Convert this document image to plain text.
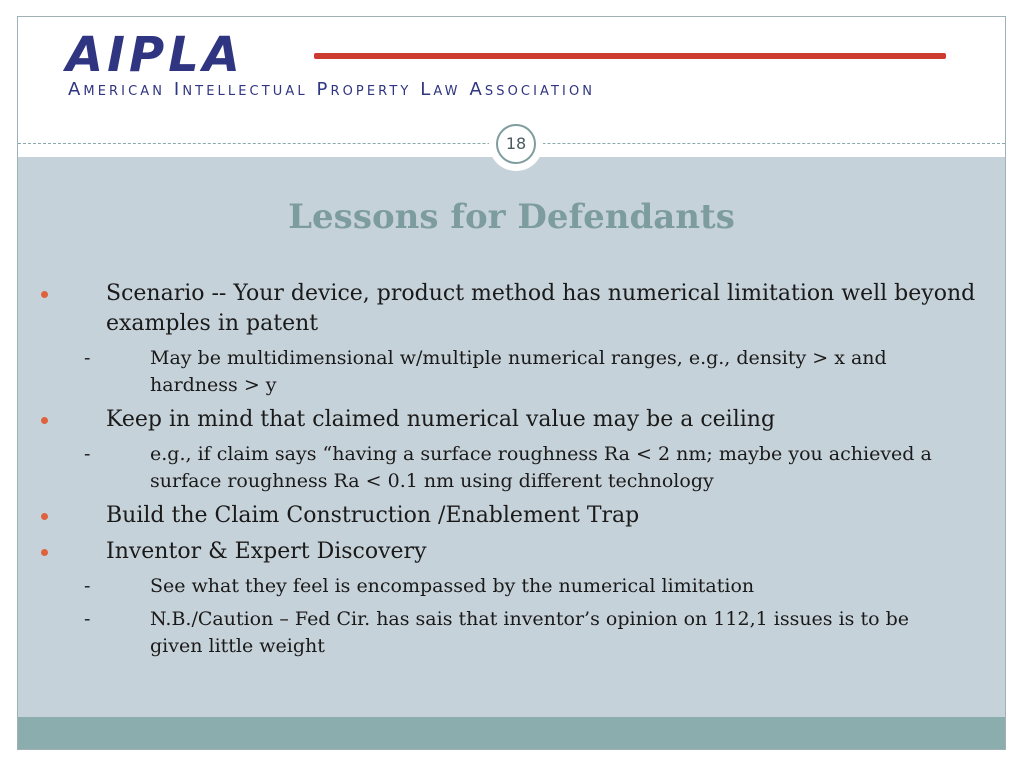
AIPLA
American Intellectual Property Law Association
18
Lessons for Defendants
Scenario -- Your device, product method has numerical limitation well beyond examples in patent
-	May be multidimensional w/multiple numerical ranges, e.g., density > x and hardness > y
Keep in mind that claimed numerical value may be a ceiling
-	e.g., if claim says “having a surface roughness Ra < 2 nm; maybe you achieved a surface roughness Ra < 0.1 nm using different technology
Build the Claim Construction /Enablement Trap
Inventor & Expert Discovery
-	See what they feel is encompassed by the numerical limitation
-	N.B./Caution – Fed Cir. has sais that inventor’s opinion on 112,1 issues is to be given little weight
